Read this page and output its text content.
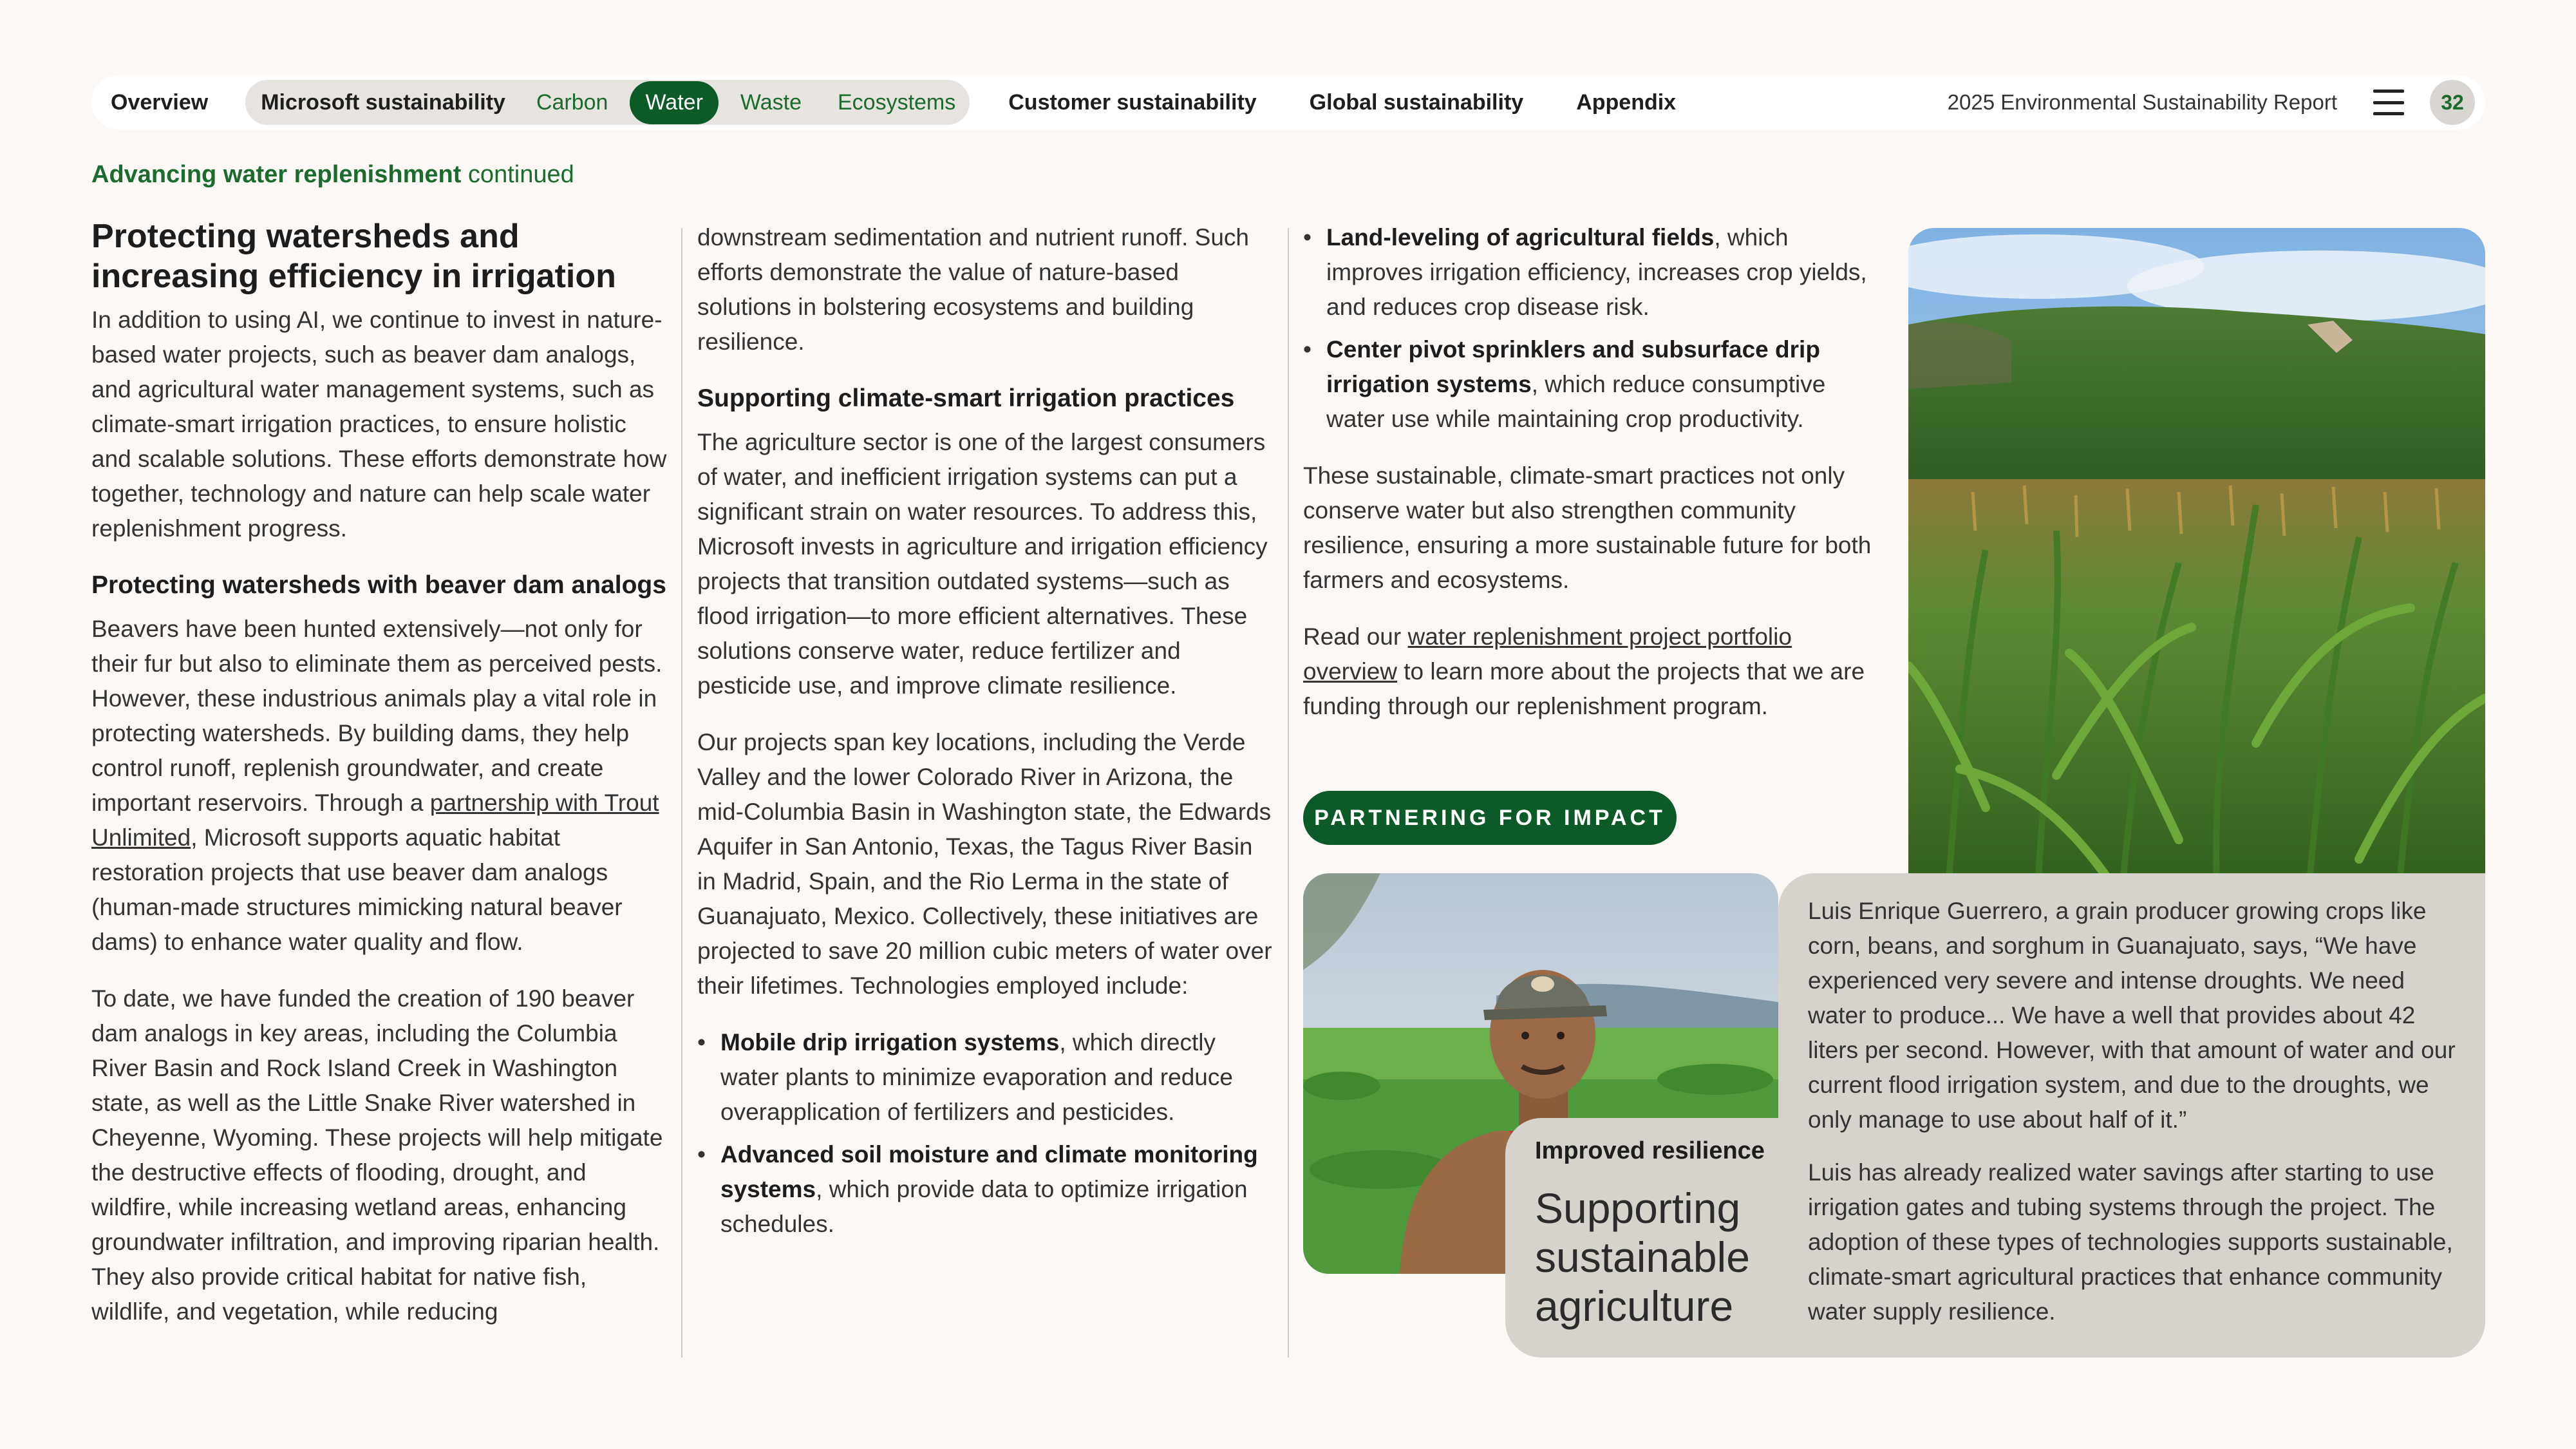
Overview Microsoft sustainability Carbon	Water	Waste Ecosystems Customer sustainability Global sustainability Appendix	2025 Environmental Sustainability Report	32
Advancing water replenishment continued
Protecting watersheds and increasing efficiency in irrigation

In addition to using AI, we continue to invest in nature-based water projects, such as beaver dam analogs, and agricultural water management systems, such as climate-smart irrigation practices, to ensure holistic and scalable solutions. These efforts demonstrate how together, technology and nature can help scale water replenishment progress.

Protecting watersheds with beaver dam analogs

Beavers have been hunted extensively—not only for their fur but also to eliminate them as perceived pests. However, these industrious animals play a vital role in protecting watersheds. By building dams, they help control runoff, replenish groundwater, and create important reservoirs. Through a partnership with Trout Unlimited, Microsoft supports aquatic habitat restoration projects that use beaver dam analogs (human-made structures mimicking natural beaver dams) to enhance water quality and flow.

To date, we have funded the creation of 190 beaver dam analogs in key areas, including the Columbia River Basin and Rock Island Creek in Washington state, as well as the Little Snake River watershed in Cheyenne, Wyoming. These projects will help mitigate the destructive effects of flooding, drought, and wildfire, while increasing wetland areas, enhancing groundwater infiltration, and improving riparian health. They also provide critical habitat for native fish, wildlife, and vegetation, while reducing

downstream sedimentation and nutrient runoff. Such efforts demonstrate the value of nature-based solutions in bolstering ecosystems and building resilience.

Supporting climate-smart irrigation practices

The agriculture sector is one of the largest consumers of water, and inefficient irrigation systems can put a significant strain on water resources. To address this, Microsoft invests in agriculture and irrigation efficiency projects that transition outdated systems—such as flood irrigation—to more efficient alternatives. These solutions conserve water, reduce fertilizer and pesticide use, and improve climate resilience.

Our projects span key locations, including the Verde Valley and the lower Colorado River in Arizona, the mid-Columbia Basin in Washington state, the Edwards Aquifer in San Antonio, Texas, the Tagus River Basin in Madrid, Spain, and the Rio Lerma in the state of Guanajuato, Mexico. Collectively, these initiatives are projected to save 20 million cubic meters of water over their lifetimes. Technologies employed include:

• Mobile drip irrigation systems, which directly water plants to minimize evaporation and reduce overapplication of fertilizers and pesticides.
• Advanced soil moisture and climate monitoring systems, which provide data to optimize irrigation schedules.
• Land-leveling of agricultural fields, which improves irrigation efficiency, increases crop yields, and reduces crop disease risk.
• Center pivot sprinklers and subsurface drip irrigation systems, which reduce consumptive water use while maintaining crop productivity.

These sustainable, climate-smart practices not only conserve water but also strengthen community resilience, ensuring a more sustainable future for both farmers and ecosystems.

Read our water replenishment project portfolio overview to learn more about the projects that we are funding through our replenishment program.

PARTNERING FOR IMPACT
Improved resilience
Supporting sustainable agriculture

Luis Enrique Guerrero, a grain producer growing crops like corn, beans, and sorghum in Guanajuato, says, “We have experienced very severe and intense droughts. We need water to produce... We have a well that provides about 42 liters per second. However, with that amount of water and our current flood irrigation system, and due to the droughts, we only manage to use about half of it.”

Luis has already realized water savings after starting to use irrigation gates and tubing systems through the project. The adoption of these types of technologies supports sustainable, climate-smart agricultural practices that enhance community water supply resilience.
